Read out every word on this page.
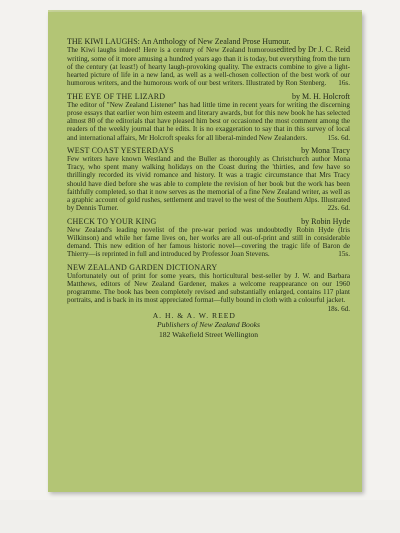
THE KIWI LAUGHS: An Anthology of New Zealand Prose Humour.
edited by Dr J. C. Reid

The Kiwi laughs indeed! Here is a century of New Zealand humorous writing, some of it more amusing a hundred years ago than it is today, but everything from the turn of the century (at least!) of hearty laugh-provoking quality. The extracts combine to give a light-hearted picture of life in a new land, as well as a well-chosen collection of the best work of our humorous writers, and the humorous work of our best writers. Illustrated by Ron Stenberg. 16s.

THE EYE OF THE LIZARD	by M. H. Holcroft

The editor of "New Zealand Listener" has had little time in recent years for writing the discerning prose essays that earlier won him esteem and literary awards, but for this new book he has selected almost 80 of the editorials that have pleased him best or occasioned the most comment among the readers of the weekly journal that he edits. It is no exaggeration to say that in this survey of local and international affairs, Mr Holcroft speaks for all liberal-minded New Zealanders.	15s. 6d.

WEST COAST YESTERDAYS	by Mona Tracy

Few writers have known Westland and the Buller as thoroughly as Christchurch author Mona Tracy, who spent many walking holidays on the Coast during the 'thirties, and few have so thrillingly recorded its vivid romance and history. It was a tragic circumstance that Mrs Tracy should have died before she was able to complete the revision of her book but the work has been faithfully completed, so that it now serves as the memorial of a fine New Zealand writer, as well as a graphic account of gold rushes, settlement and travel to the west of the Southern Alps. Illustrated by Dennis Turner.	22s. 6d.

CHECK TO YOUR KING	by Robin Hyde

New Zealand's leading novelist of the pre-war period was undoubtedly Robin Hyde (Iris Wilkinson) and while her fame lives on, her works are all out-of-print and still in considerable demand. This new edition of her famous historic novel—covering the tragic life of Baron de Thierry—is reprinted in full and introduced by Professor Joan Stevens.	15s.

NEW ZEALAND GARDEN DICTIONARY

Unfortunately out of print for some years, this horticultural best-seller by J. W. and Barbara Matthews, editors of New Zealand Gardener, makes a welcome reappearance on our 1960 programme. The book has been completely revised and substantially enlarged, contains 117 plant portraits, and is back in its most appreciated format—fully bound in cloth with a colourful jacket.
18s. 6d.

A. H. & A. W. REED
Publishers of New Zealand Books
182 Wakefield Street Wellington
